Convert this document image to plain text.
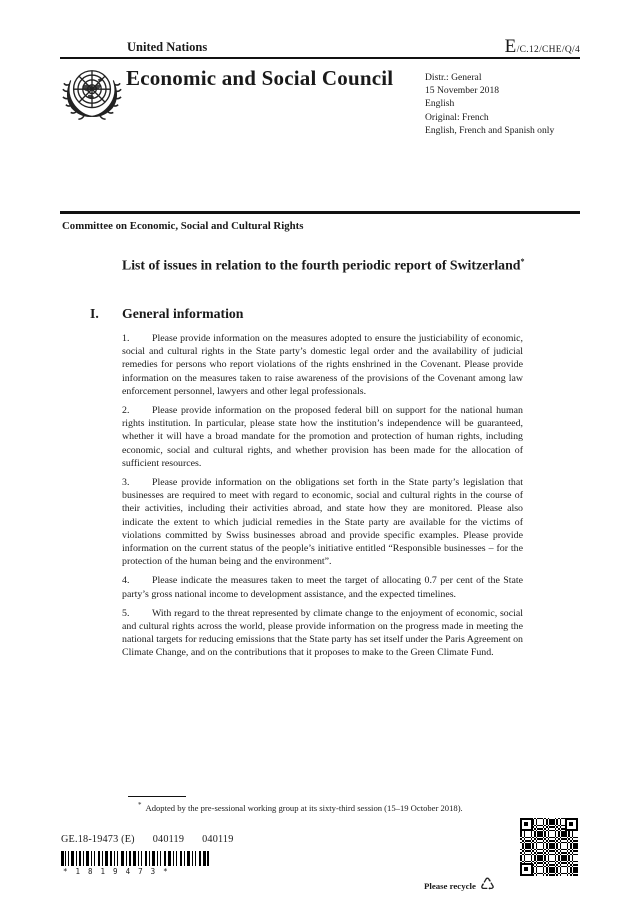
United Nations	E /C.12/CHE/Q/4
Economic and Social Council	Distr.: General
15 November 2018
English
Original: French
English, French and Spanish only
Committee on Economic, Social and Cultural Rights
List of issues in relation to the fourth periodic report of Switzerland*
I. General information

1. Please provide information on the measures adopted to ensure the justiciability of economic, social and cultural rights in the State party’s domestic legal order and the availability of judicial remedies for persons who report violations of the rights enshrined in the Covenant. Please provide information on the measures taken to raise awareness of the provisions of the Covenant among law enforcement personnel, lawyers and other legal professionals.

2. Please provide information on the proposed federal bill on support for the national human rights institution. In particular, please state how the institution’s independence will be guaranteed, whether it will have a broad mandate for the promotion and protection of human rights, including economic, social and cultural rights, and whether provision has been made for the allocation of sufficient resources.

3. Please provide information on the obligations set forth in the State party’s legislation that businesses are required to meet with regard to economic, social and cultural rights in the course of their activities, including their activities abroad, and state how they are monitored. Please also indicate the extent to which judicial remedies in the State party are available for the victims of violations committed by Swiss businesses abroad and provide specific examples. Please provide information on the current status of the people’s initiative entitled “Responsible businesses – for the protection of the human being and the environment”.

4. Please indicate the measures taken to meet the target of allocating 0.7 per cent of the State party’s gross national income to development assistance, and the expected timelines.

5. With regard to the threat represented by climate change to the enjoyment of economic, social and cultural rights across the world, please provide information on the progress made in meeting the national targets for reducing emissions that the State party has set itself under the Paris Agreement on Climate Change, and on the contributions that it proposes to make to the Green Climate Fund.

* Adopted by the pre-sessional working group at its sixty-third session (15–19 October 2018).
GE.18-19473 (E) 040119 040119
*1819473*
Please recycle ♺
